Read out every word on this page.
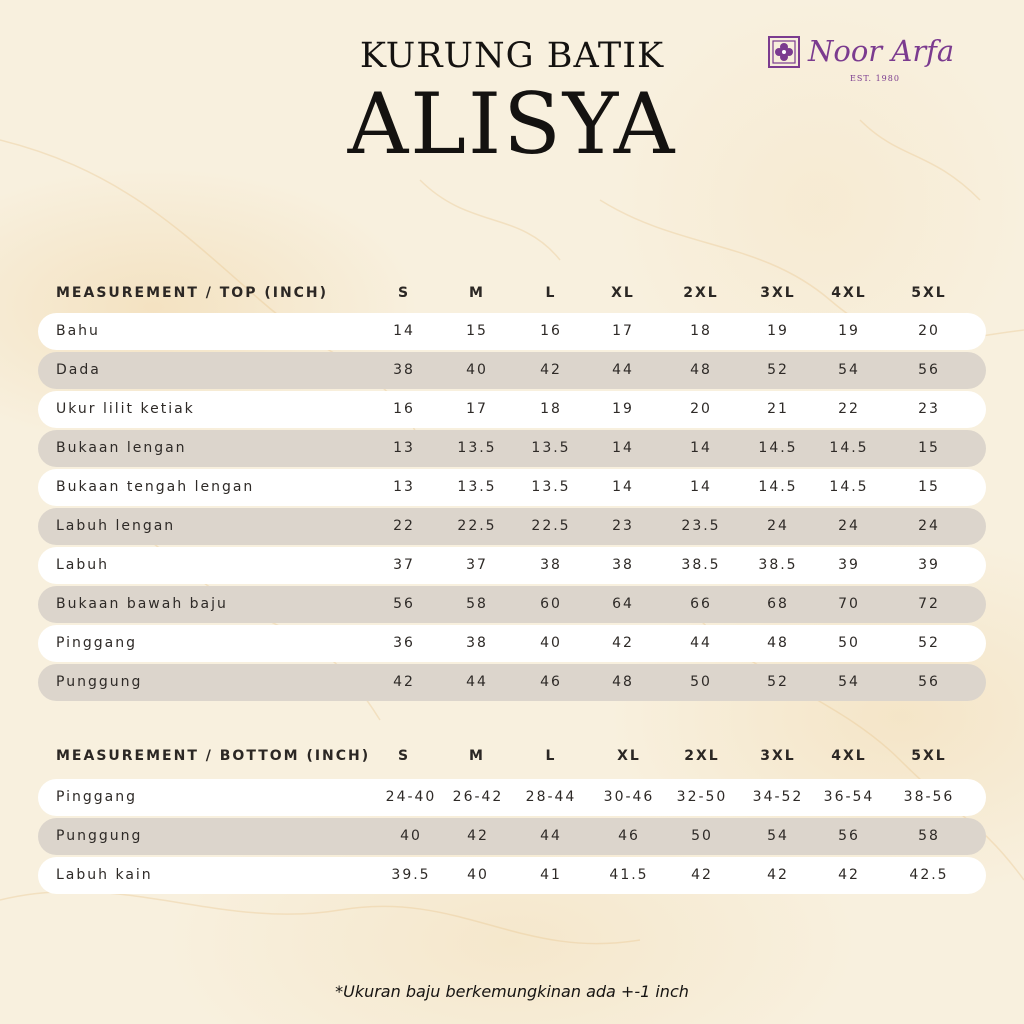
KURUNG BATIK
ALISYA
Noor Arfa
EST. 1980
MEASUREMENT / TOP (INCH)	S	M	L	XL	2XL	3XL	4XL	5XL
Bahu	14	15	16	17	18	19	19	20
Dada	38	40	42	44	48	52	54	56
Ukur lilit ketiak	16	17	18	19	20	21	22	23
Bukaan lengan	13	13.5	13.5	14	14	14.5	14.5	15
Bukaan tengah lengan	13	13.5	13.5	14	14	14.5	14.5	15
Labuh lengan	22	22.5	22.5	23	23.5	24	24	24
Labuh	37	37	38	38	38.5	38.5	39	39
Bukaan bawah baju	56	58	60	64	66	68	70	72
Pinggang	36	38	40	42	44	48	50	52
Punggung	42	44	46	48	50	52	54	56
MEASUREMENT / BOTTOM (INCH)	S	M	L	XL	2XL	3XL	4XL	5XL
Pinggang	24-40	26-42	28-44	30-46	32-50	34-52	36-54	38-56
Punggung	40	42	44	46	50	54	56	58
Labuh kain	39.5	40	41	41.5	42	42	42	42.5
*Ukuran baju berkemungkinan ada +-1 inch
